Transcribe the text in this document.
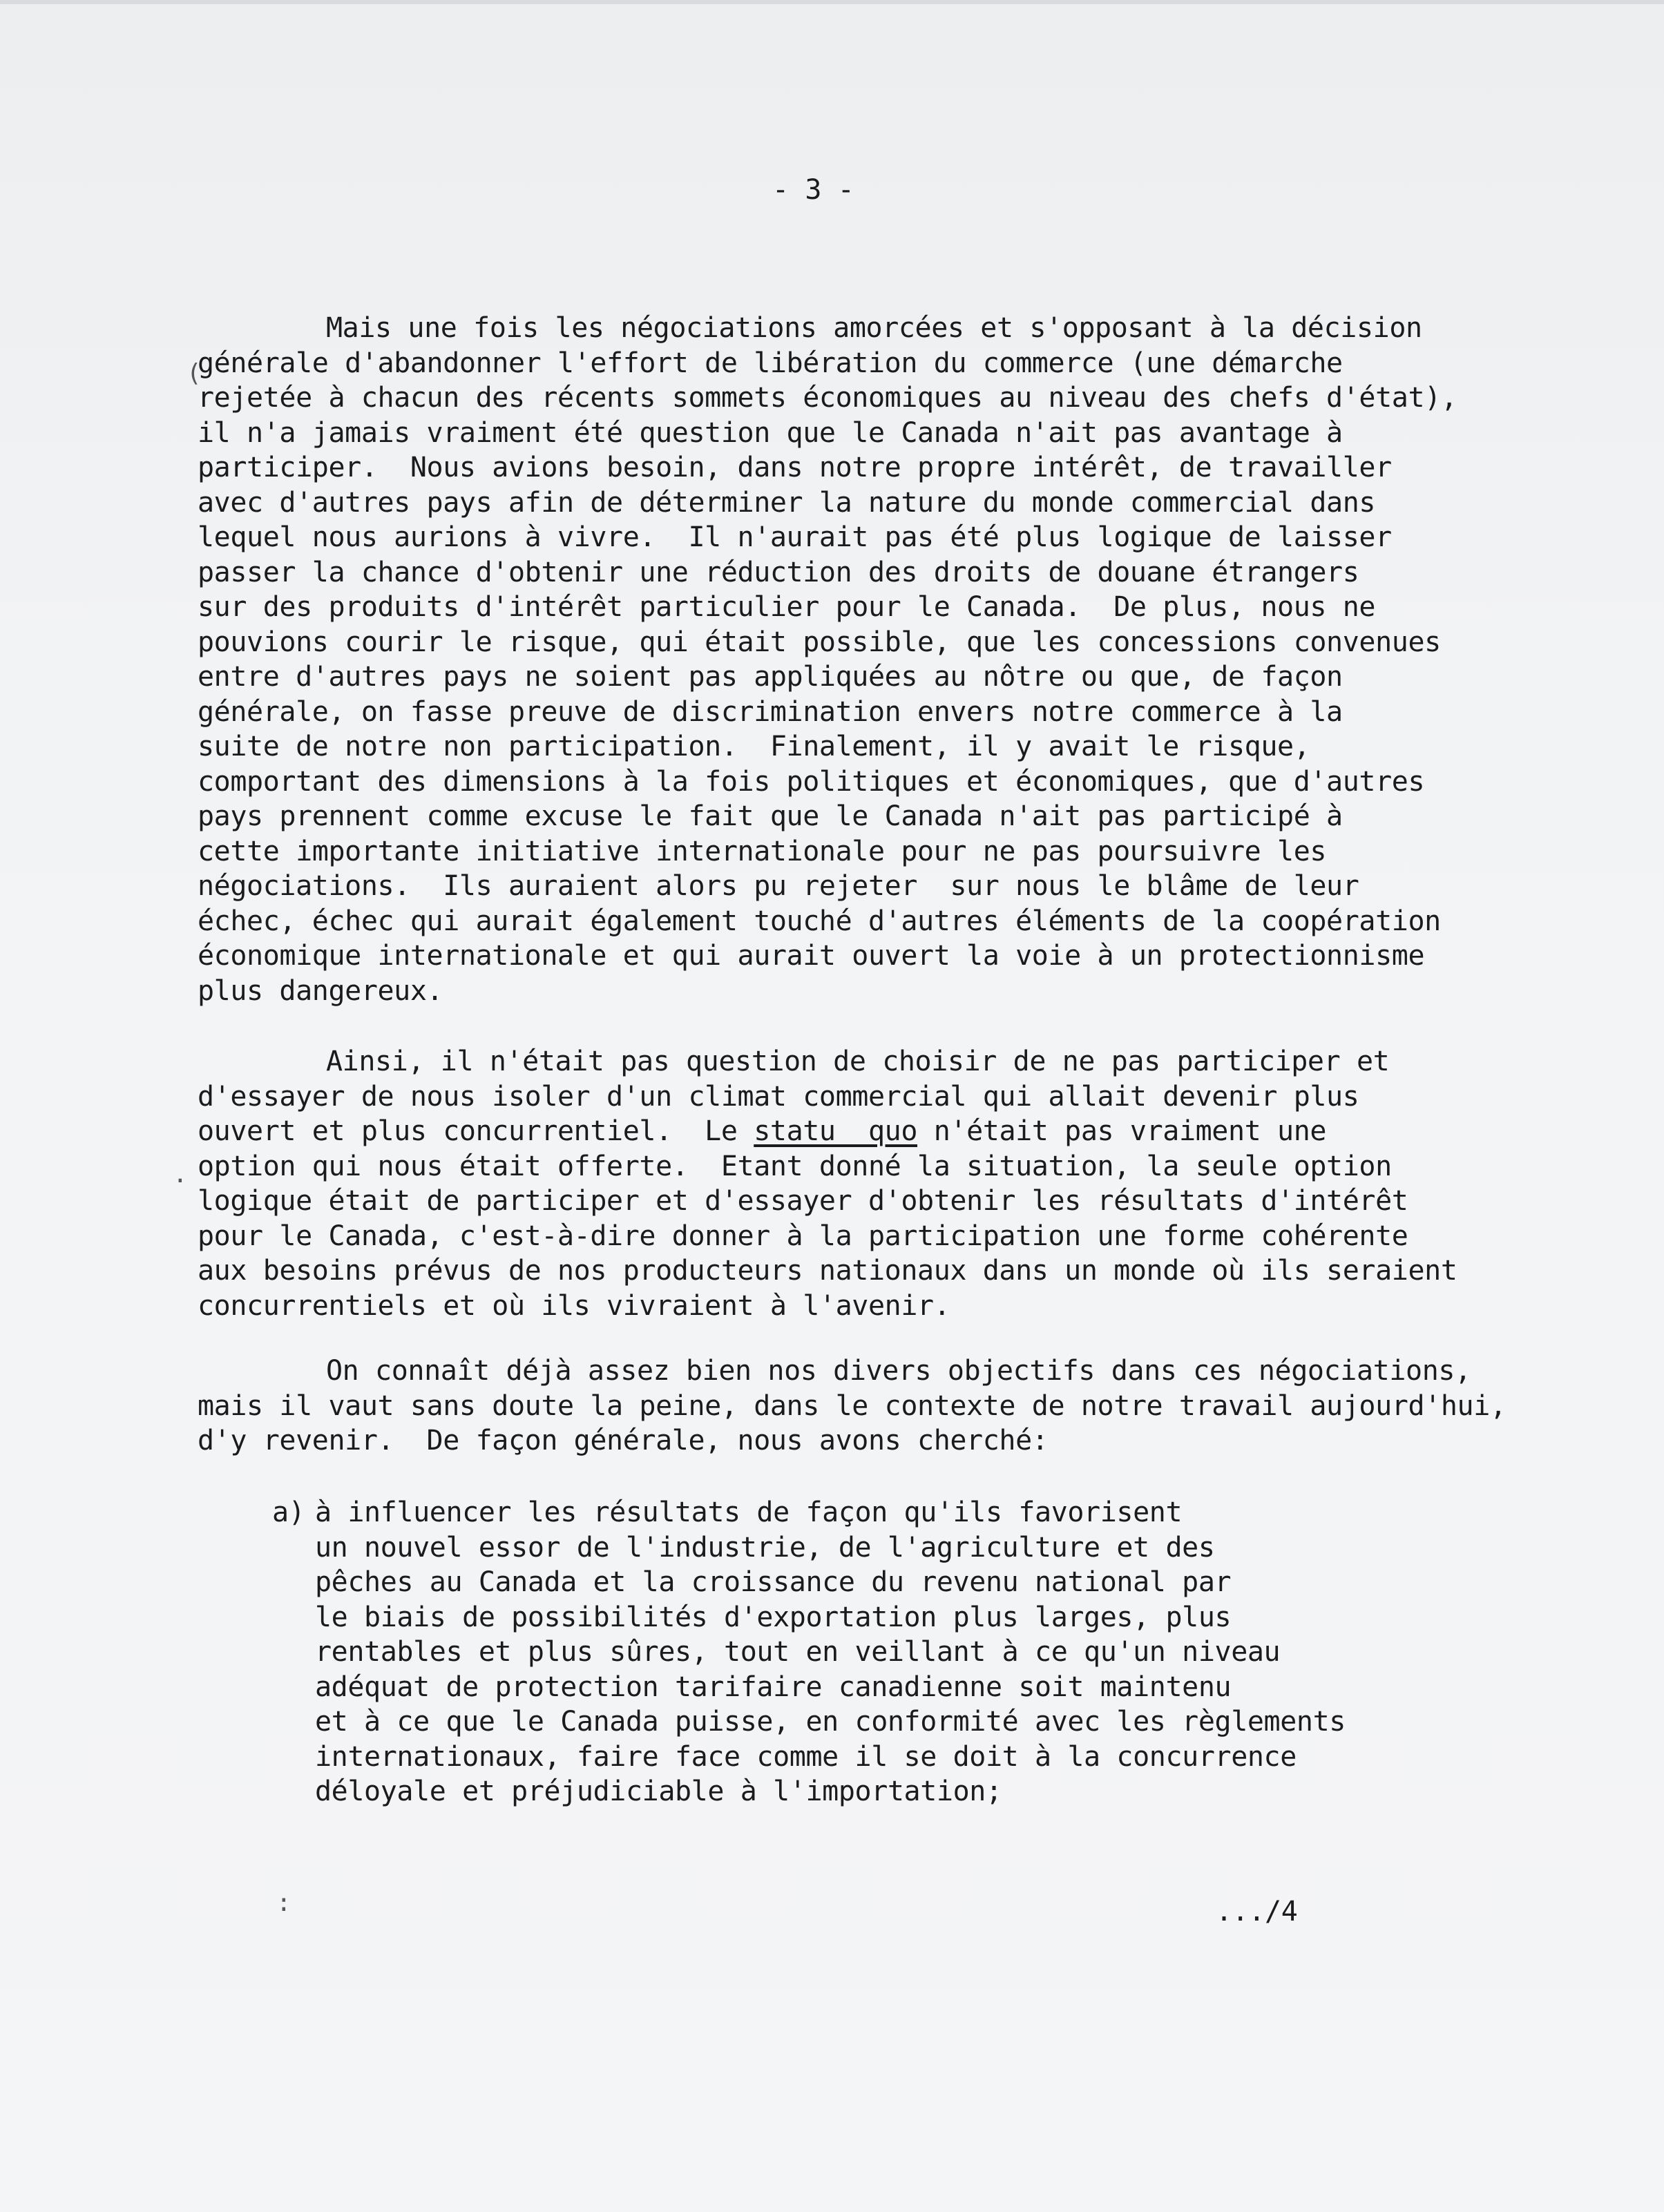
- 3 -
Mais une fois les négociations amorcées et s'opposant à la décision
générale d'abandonner l'effort de libération du commerce (une démarche
rejetée à chacun des récents sommets économiques au niveau des chefs d'état),
il n'a jamais vraiment été question que le Canada n'ait pas avantage à
participer.  Nous avions besoin, dans notre propre intérêt, de travailler
avec d'autres pays afin de déterminer la nature du monde commercial dans
lequel nous aurions à vivre.  Il n'aurait pas été plus logique de laisser
passer la chance d'obtenir une réduction des droits de douane étrangers
sur des produits d'intérêt particulier pour le Canada.  De plus, nous ne
pouvions courir le risque, qui était possible, que les concessions convenues
entre d'autres pays ne soient pas appliquées au nôtre ou que, de façon
générale, on fasse preuve de discrimination envers notre commerce à la
suite de notre non participation.  Finalement, il y avait le risque,
comportant des dimensions à la fois politiques et économiques, que d'autres
pays prennent comme excuse le fait que le Canada n'ait pas participé à
cette importante initiative internationale pour ne pas poursuivre les
négociations.  Ils auraient alors pu rejeter  sur nous le blâme de leur
échec, échec qui aurait également touché d'autres éléments de la coopération
économique internationale et qui aurait ouvert la voie à un protectionnisme
plus dangereux.
Ainsi, il n'était pas question de choisir de ne pas participer et
d'essayer de nous isoler d'un climat commercial qui allait devenir plus
ouvert et plus concurrentiel.  Le statu  quo n'était pas vraiment une
option qui nous était offerte.  Etant donné la situation, la seule option
logique était de participer et d'essayer d'obtenir les résultats d'intérêt
pour le Canada, c'est-à-dire donner à la participation une forme cohérente
aux besoins prévus de nos producteurs nationaux dans un monde où ils seraient
concurrentiels et où ils vivraient à l'avenir.
On connaît déjà assez bien nos divers objectifs dans ces négociations,
mais il vaut sans doute la peine, dans le contexte de notre travail aujourd'hui,
d'y revenir.  De façon générale, nous avons cherché:
a) à influencer les résultats de façon qu'ils favorisent
un nouvel essor de l'industrie, de l'agriculture et des
pêches au Canada et la croissance du revenu national par
le biais de possibilités d'exportation plus larges, plus
rentables et plus sûres, tout en veillant à ce qu'un niveau
adéquat de protection tarifaire canadienne soit maintenu
et à ce que le Canada puisse, en conformité avec les règlements
internationaux, faire face comme il se doit à la concurrence
déloyale et préjudiciable à l'importation;
.../4
:
·
(
